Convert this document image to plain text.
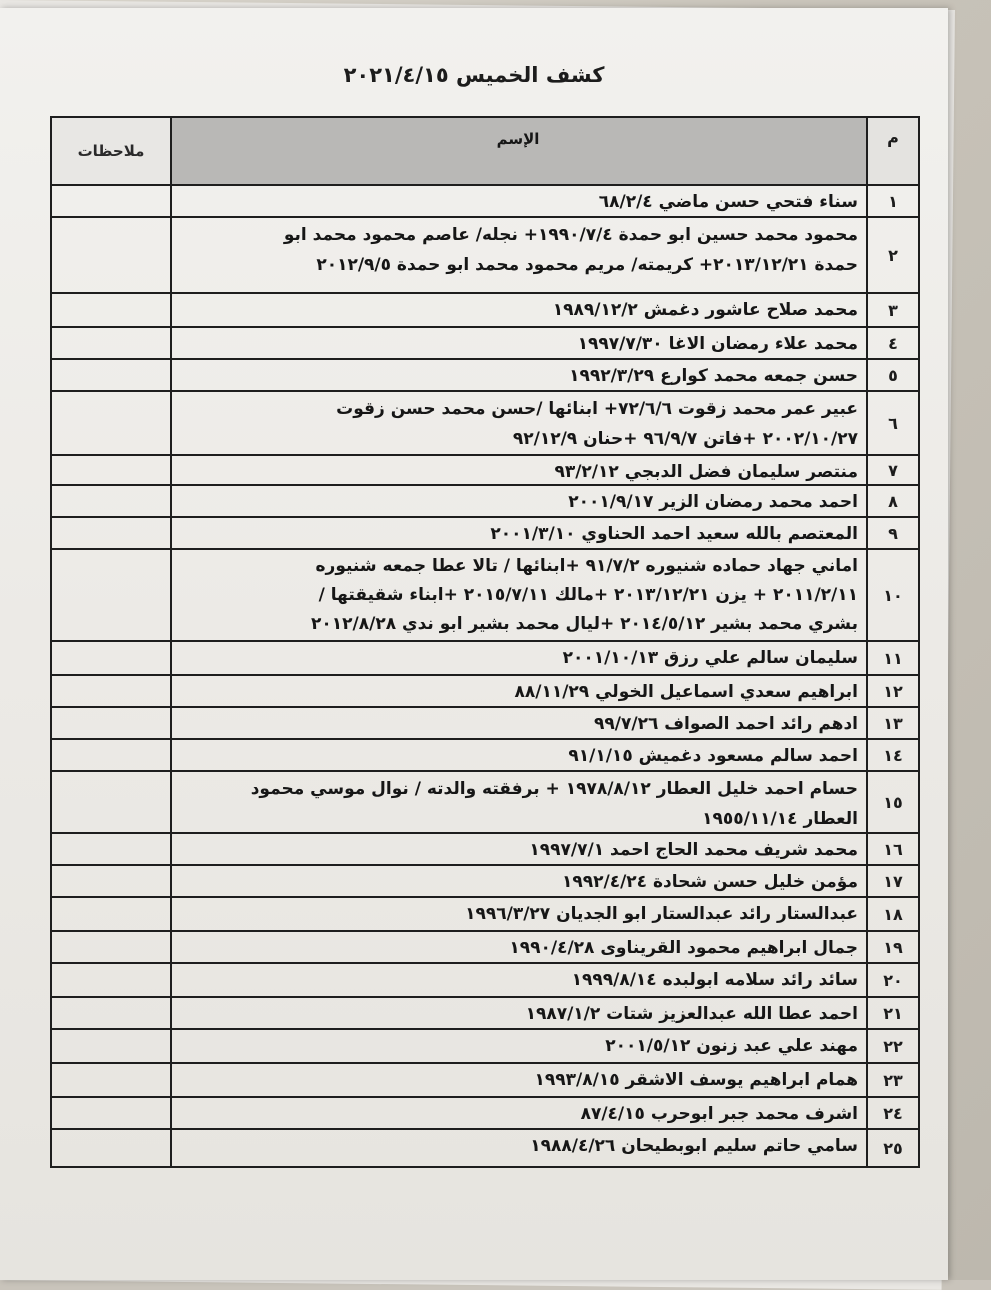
كشف الخميس ٢٠٢١/٤/١٥
م
الإسم
ملاحظات
١
سناء فتحي حسن ماضي ٦٨/٢/٤
٢
محمود محمد حسين ابو حمدة ١٩٩٠/٧/٤+ نجله/ عاصم محمود محمد ابو
حمدة ٢٠١٣/١٢/٢١+ كريمته/ مريم محمود محمد ابو حمدة ٢٠١٢/٩/٥
٣
محمد صلاح عاشور دغمش ١٩٨٩/١٢/٢
٤
محمد علاء رمضان الاغا ١٩٩٧/٧/٣٠
٥
حسن جمعه محمد كوارع ١٩٩٢/٣/٢٩
٦
عبير عمر محمد زقوت ٧٢/٦/٦+ ابنائها /حسن محمد حسن زقوت
٢٠٠٢/١٠/٢٧ +فاتن ٩٦/٩/٧ +حنان ٩٢/١٢/٩
٧
منتصر سليمان فضل الدبجي ٩٣/٢/١٢
٨
احمد محمد رمضان الزير ٢٠٠١/٩/١٧
٩
المعتصم بالله سعيد احمد الحناوي ٢٠٠١/٣/١٠
١٠
اماني جهاد حماده شنيوره ٩١/٧/٢ +ابنائها / تالا عطا جمعه شنيوره
٢٠١١/٢/١١ + يزن ٢٠١٣/١٢/٢١ +مالك ٢٠١٥/٧/١١ +ابناء شقيقتها /
بشري محمد بشير ٢٠١٤/٥/١٢ +ليال محمد بشير ابو ندي ٢٠١٢/٨/٢٨
١١
سليمان سالم علي رزق ٢٠٠١/١٠/١٣
١٢
ابراهيم سعدي اسماعيل الخولي ٨٨/١١/٢٩
١٣
ادهم رائد احمد الصواف ٩٩/٧/٢٦
١٤
احمد سالم مسعود دغميش ٩١/١/١٥
١٥
حسام احمد خليل العطار ١٩٧٨/٨/١٢ + برفقته والدته / نوال موسي محمود
العطار ١٩٥٥/١١/١٤
١٦
محمد شريف محمد الحاج احمد ١٩٩٧/٧/١
١٧
مؤمن خليل حسن شحادة ١٩٩٢/٤/٢٤
١٨
عبدالستار رائد عبدالستار ابو الجديان ١٩٩٦/٣/٢٧
١٩
جمال ابراهيم محمود القريناوى ١٩٩٠/٤/٢٨
٢٠
سائد رائد سلامه ابولبده ١٩٩٩/٨/١٤
٢١
احمد عطا الله عبدالعزيز شتات ١٩٨٧/١/٢
٢٢
مهند علي عبد زنون ٢٠٠١/٥/١٢
٢٣
همام ابراهيم يوسف الاشقر ١٩٩٣/٨/١٥
٢٤
اشرف محمد جبر ابوحرب ٨٧/٤/١٥
٢٥
سامي حاتم سليم ابوبطيحان ١٩٨٨/٤/٢٦
